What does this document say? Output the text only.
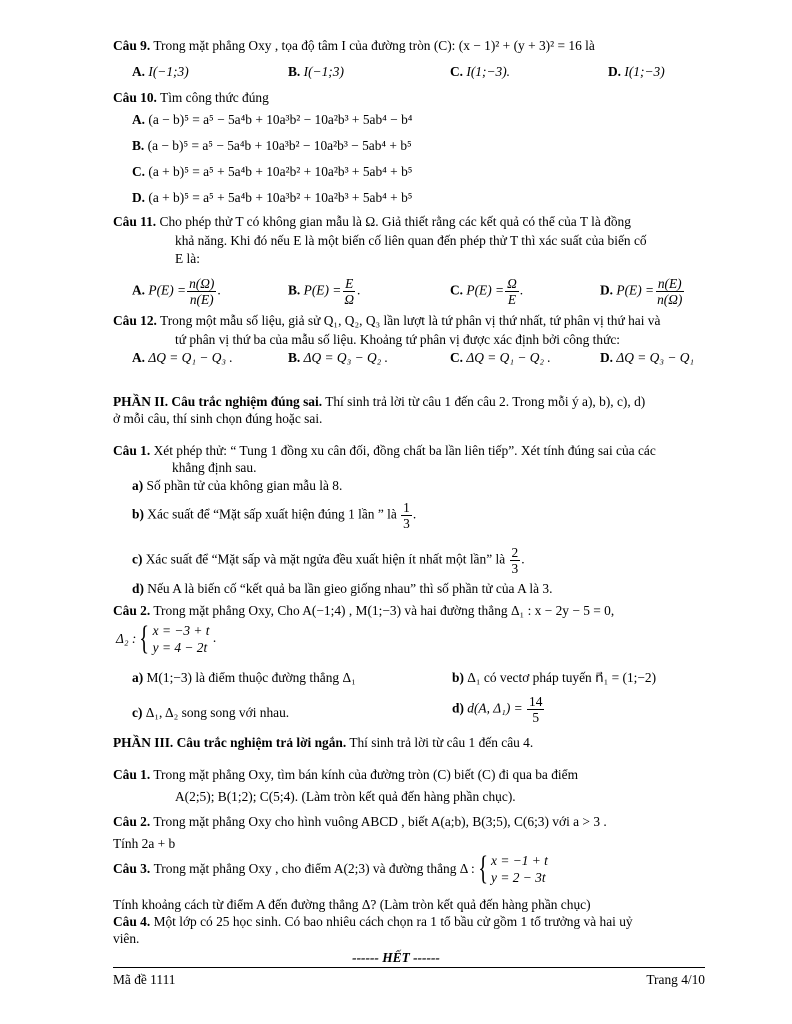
Câu 9. Trong mặt phẳng Oxy , tọa độ tâm I của đường tròn (C): (x − 1)² + (y + 3)² = 16 là
A. I(−1;3)	B. I(−1;3)	C. I(1;−3).	D. I(1;−3)
Câu 10. Tìm công thức đúng
A. (a − b)⁵ = a⁵ − 5a⁴b + 10a³b² − 10a²b³ + 5ab⁴ − b⁴
B. (a − b)⁵ = a⁵ − 5a⁴b + 10a³b² − 10a²b³ − 5ab⁴ + b⁵
C. (a + b)⁵ = a⁵ + 5a⁴b + 10a²b² + 10a²b³ + 5ab⁴ + b⁵
D. (a + b)⁵ = a⁵ + 5a⁴b + 10a³b² + 10a²b³ + 5ab⁴ + b⁵
Câu 11. Cho phép thử T có không gian mẫu là Ω. Giả thiết rằng các kết quả có thể của T là đồng
khả năng. Khi đó nếu E là một biến cố liên quan đến phép thử T thì xác suất của biến cố
E là:
A. $P(E) = \frac{n(\Omega)}{n(E)}$ .	B. $P(E) = \frac{E}{\Omega}$ .	C. $P(E) = \frac{\Omega}{E}$ .	D. $P(E) = \frac{n(E)}{n(\Omega)}$
Câu 12. Trong một mẫu số liệu, giả sử Q₁, Q₂, Q₃ lần lượt là tứ phân vị thứ nhất, tứ phân vị thứ hai và
tứ phân vị thứ ba của mẫu số liệu. Khoảng tứ phân vị được xác định bởi công thức:
A. ΔQ = Q₁ − Q₃ .	B. ΔQ = Q₃ − Q₂ .	C. ΔQ = Q₁ − Q₂ .	D. ΔQ = Q₃ − Q₁
PHẦN II. Câu trắc nghiệm đúng sai. Thí sinh trả lời từ câu 1 đến câu 2. Trong mỗi ý a), b), c), d)
ở mỗi câu, thí sinh chọn đúng hoặc sai.
Câu 1. Xét phép thử: “ Tung 1 đồng xu cân đối, đồng chất ba lần liên tiếp”. Xét tính đúng sai của các
khẳng định sau.
a) Số phần tử của không gian mẫu là 8.
b) Xác suất để “Mặt sấp xuất hiện đúng 1 lần ” là $\frac{1}{3}$ .
c) Xác suất để “Mặt sấp và mặt ngửa đều xuất hiện ít nhất một lần” là $\frac{2}{3}$ .
d) Nếu A là biến cố “kết quả ba lần gieo giống nhau” thì số phần tử của A là 3.
Câu 2. Trong mặt phẳng Oxy, Cho A(−1;4) , M(1;−3) và hai đường thẳng Δ₁ : x − 2y − 5 = 0,
Δ₂ :{ x = −3 + t
y = 4 − 2t
.
a) M(1;−3) là điểm thuộc đường thẳng Δ₁	b) Δ₁ có vectơ pháp tuyến n⃗₁ = (1;−2)
c) Δ₁, Δ₂ song song với nhau.	d) d(A, $\Delta_1) = \frac{14}{5}$
PHẦN III. Câu trắc nghiệm trả lời ngắn. Thí sinh trả lời từ câu 1 đến câu 4.
Câu 1. Trong mặt phẳng Oxy, tìm bán kính của đường tròn (C) biết (C) đi qua ba điểm
A(2;5); B(1;2); C(5;4). (Làm tròn kết quả đến hàng phần chục).
Câu 2. Trong mặt phẳng Oxy cho hình vuông ABCD , biết A(a;b), B(3;5), C(6;3) với a > 3 .
Tính 2a + b
Câu 3. Trong mặt phẳng Oxy , cho điểm A(2;3) và đường thẳng Δ :{ x = −1 + t
y = 2 − 3t
Tính khoảng cách từ điểm A đến đường thẳng Δ? (Làm tròn kết quả đến hàng phần chục)
Câu 4. Một lớp có 25 học sinh. Có bao nhiêu cách chọn ra 1 tổ bầu cử gồm 1 tổ trưởng và hai uỷ
viên.
------ HẾT ------
Mã đề 1111	Trang 4/10
